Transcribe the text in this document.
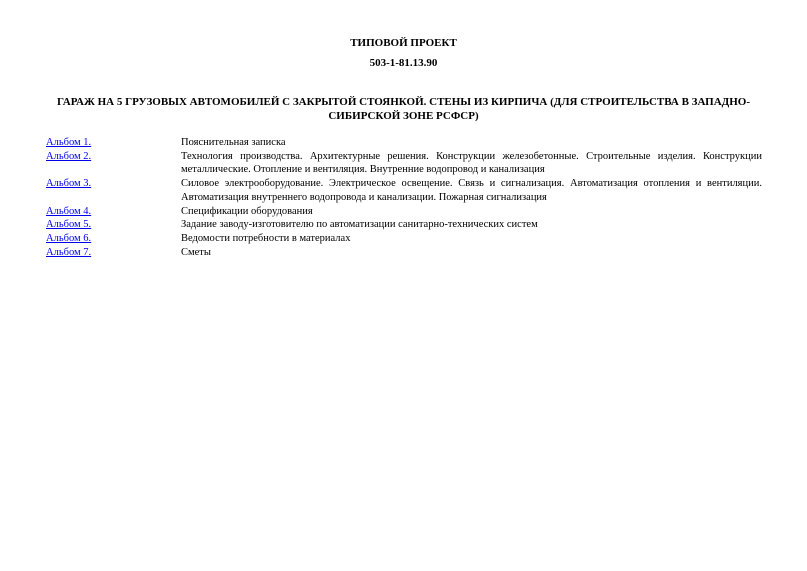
ТИПОВОЙ ПРОЕКТ
503-1-81.13.90
ГАРАЖ НА 5 ГРУЗОВЫХ АВТОМОБИЛЕЙ С ЗАКРЫТОЙ СТОЯНКОЙ. СТЕНЫ ИЗ КИРПИЧА (ДЛЯ СТРОИТЕЛЬСТВА В ЗАПАДНО-СИБИРСКОЙ ЗОНЕ РСФСР)
Альбом 1.	Пояснительная записка
Альбом 2.	Технология производства. Архитектурные решения. Конструкции железобетонные. Строительные изделия. Конструкции металлические. Отопление и вентиляция. Внутренние водопровод и канализация
Альбом 3.	Силовое электрооборудование. Электрическое освещение. Связь и сигнализация. Автоматизация отопления и вентиляции. Автоматизация внутреннего водопровода и канализации. Пожарная сигнализация
Альбом 4.	Спецификации оборудования
Альбом 5.	Задание заводу-изготовителю по автоматизации санитарно-технических систем
Альбом 6.	Ведомости потребности в материалах
Альбом 7.	Сметы
